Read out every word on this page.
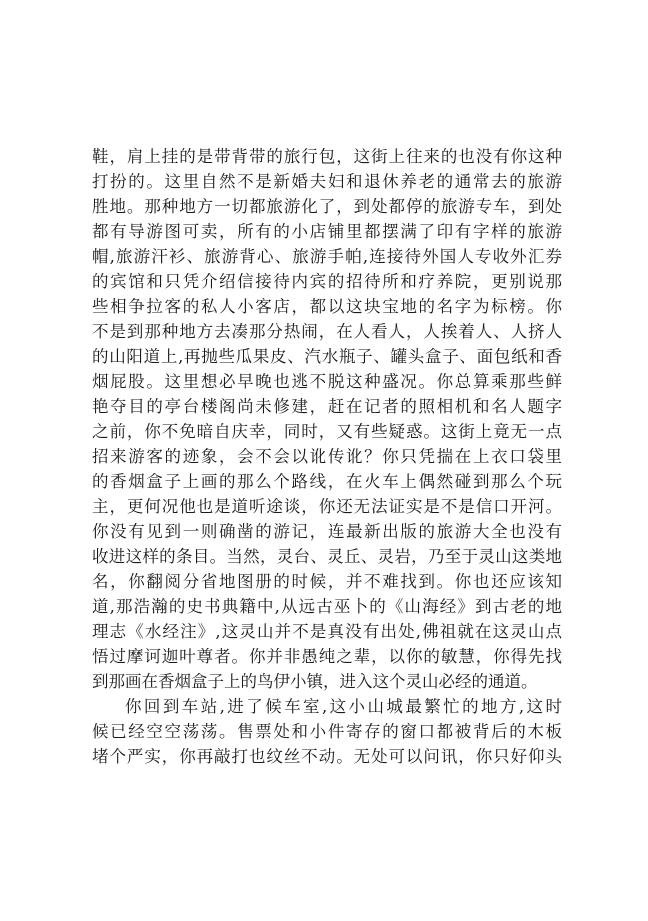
鞋，肩上挂的是带背带的旅行包，这街上往来的也没有你这种
打扮的。这里自然不是新婚夫妇和退休养老的通常去的旅游
胜地。那种地方一切都旅游化了，到处都停的旅游专车，到处
都有导游图可卖，所有的小店铺里都摆满了印有字样的旅游
帽,旅游汗衫、旅游背心、旅游手帕,连接待外国人专收外汇券
的宾馆和只凭介绍信接待内宾的招待所和疗养院，更别说那
些相争拉客的私人小客店，都以这块宝地的名字为标榜。你
不是到那种地方去凑那分热闹，在人看人，人挨着人、人挤人
的山阳道上,再抛些瓜果皮、汽水瓶子、罐头盒子、面包纸和香
烟屁股。这里想必早晚也逃不脱这种盛况。你总算乘那些鲜
艳夺目的亭台楼阁尚未修建，赶在记者的照相机和名人题字
之前，你不免暗自庆幸，同时，又有些疑惑。这街上竟无一点
招来游客的迹象，会不会以讹传讹？你只凭揣在上衣口袋里
的香烟盒子上画的那么个路线，在火车上偶然碰到那么个玩
主，更何况他也是道听途谈，你还无法证实是不是信口开河。
你没有见到一则确凿的游记，连最新出版的旅游大全也没有
收进这样的条目。当然，灵台、灵丘、灵岩，乃至于灵山这类地
名，你翻阅分省地图册的时候，并不难找到。你也还应该知
道,那浩瀚的史书典籍中,从远古巫卜的《山海经》到古老的地
理志《水经注》,这灵山并不是真没有出处,佛祖就在这灵山点
悟过摩诃迦叶尊者。你并非愚纯之辈，以你的敏慧，你得先找
到那画在香烟盒子上的鸟伊小镇，进入这个灵山必经的通道。
你回到车站,进了候车室,这小山城最繁忙的地方,这时
候已经空空荡荡。售票处和小件寄存的窗口都被背后的木板
堵个严实，你再敲打也纹丝不动。无处可以问讯，你只好仰头
